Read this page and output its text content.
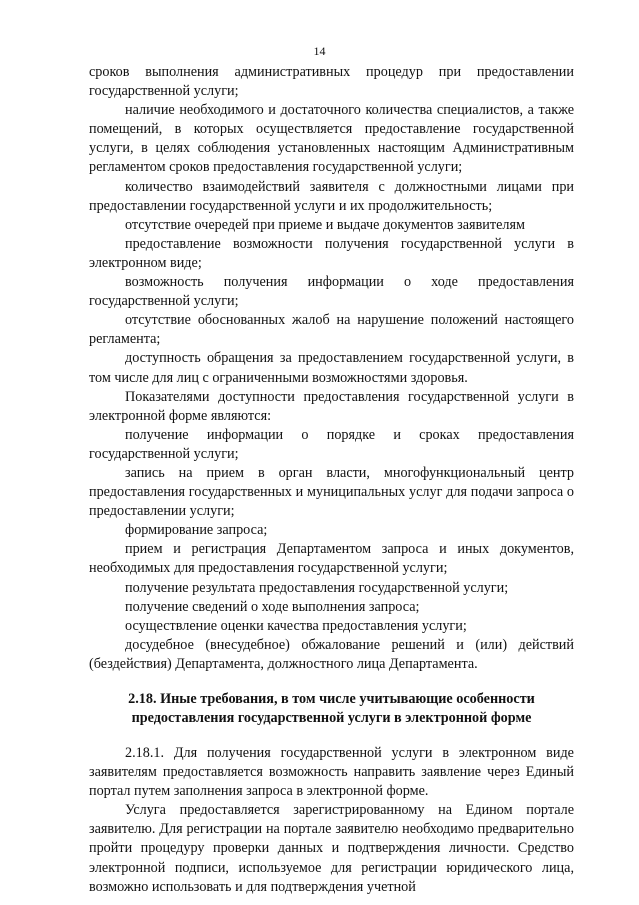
14

сроков выполнения административных процедур при предоставлении государственной услуги;

наличие необходимого и достаточного количества специалистов, а также помещений, в которых осуществляется предоставление государственной услуги, в целях соблюдения установленных настоящим Административным регламентом сроков предоставления государственной услуги;

количество взаимодействий заявителя с должностными лицами при предоставлении государственной услуги и их продолжительность;

отсутствие очередей при приеме и выдаче документов заявителям

предоставление возможности получения государственной услуги в электронном виде;

возможность получения информации о ходе предоставления государственной услуги;

отсутствие обоснованных жалоб на нарушение положений настоящего регламента;

доступность обращения за предоставлением государственной услуги, в том числе для лиц с ограниченными возможностями здоровья.

Показателями доступности предоставления государственной услуги в электронной форме являются:

получение информации о порядке и сроках предоставления государственной услуги;

запись на прием в орган власти, многофункциональный центр предоставления государственных и муниципальных услуг для подачи запроса о предоставлении услуги;

формирование запроса;

прием и регистрация Департаментом запроса и иных документов, необходимых для предоставления государственной услуги;

получение результата предоставления государственной услуги;

получение сведений о ходе выполнения запроса;

осуществление оценки качества предоставления услуги;

досудебное (внесудебное) обжалование решений и (или) действий (бездействия) Департамента, должностного лица Департамента.

2.18. Иные требования, в том числе учитывающие особенности предоставления государственной услуги в электронной форме

2.18.1. Для получения государственной услуги в электронном виде заявителям предоставляется возможность направить заявление через Единый портал путем заполнения запроса в электронной форме.

Услуга предоставляется зарегистрированному на Едином портале заявителю. Для регистрации на портале заявителю необходимо предварительно пройти процедуру проверки данных и подтверждения личности. Средство электронной подписи, используемое для регистрации юридического лица, возможно использовать и для подтверждения учетной
